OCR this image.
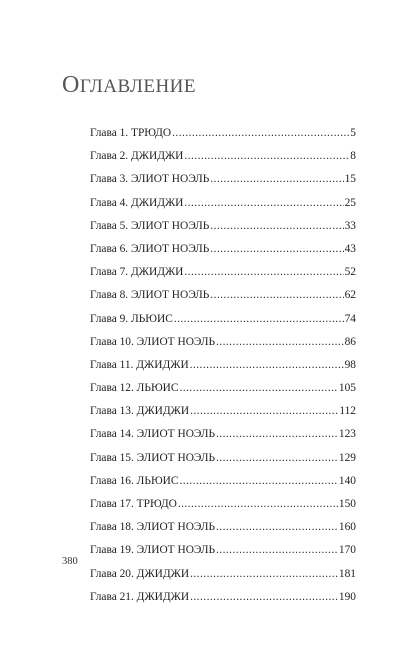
ОГЛАВЛЕНИЕ
Глава 1. ТРЮДО . . .	5
Глава 2. ДЖИДЖИ . . .	8
Глава 3. ЭЛИОТ НОЭЛЬ . . .	15
Глава 4. ДЖИДЖИ . . .	25
Глава 5. ЭЛИОТ НОЭЛЬ . . .	33
Глава 6. ЭЛИОТ НОЭЛЬ . . .	43
Глава 7. ДЖИДЖИ . . .	52
Глава 8. ЭЛИОТ НОЭЛЬ . . .	62
Глава 9. ЛЬЮИС . . .	74
Глава 10. ЭЛИОТ НОЭЛЬ . . .	86
Глава 11. ДЖИДЖИ . . .	98
Глава 12. ЛЬЮИС . . .	105
Глава 13. ДЖИДЖИ . . .	112
Глава 14. ЭЛИОТ НОЭЛЬ . . .	123
Глава 15. ЭЛИОТ НОЭЛЬ . . .	129
Глава 16. ЛЬЮИС . . .	140
Глава 17. ТРЮДО . . .	150
Глава 18. ЭЛИОТ НОЭЛЬ . . .	160
Глава 19. ЭЛИОТ НОЭЛЬ . . .	170
Глава 20. ДЖИДЖИ . . .	181
Глава 21. ДЖИДЖИ . . .	190
380
